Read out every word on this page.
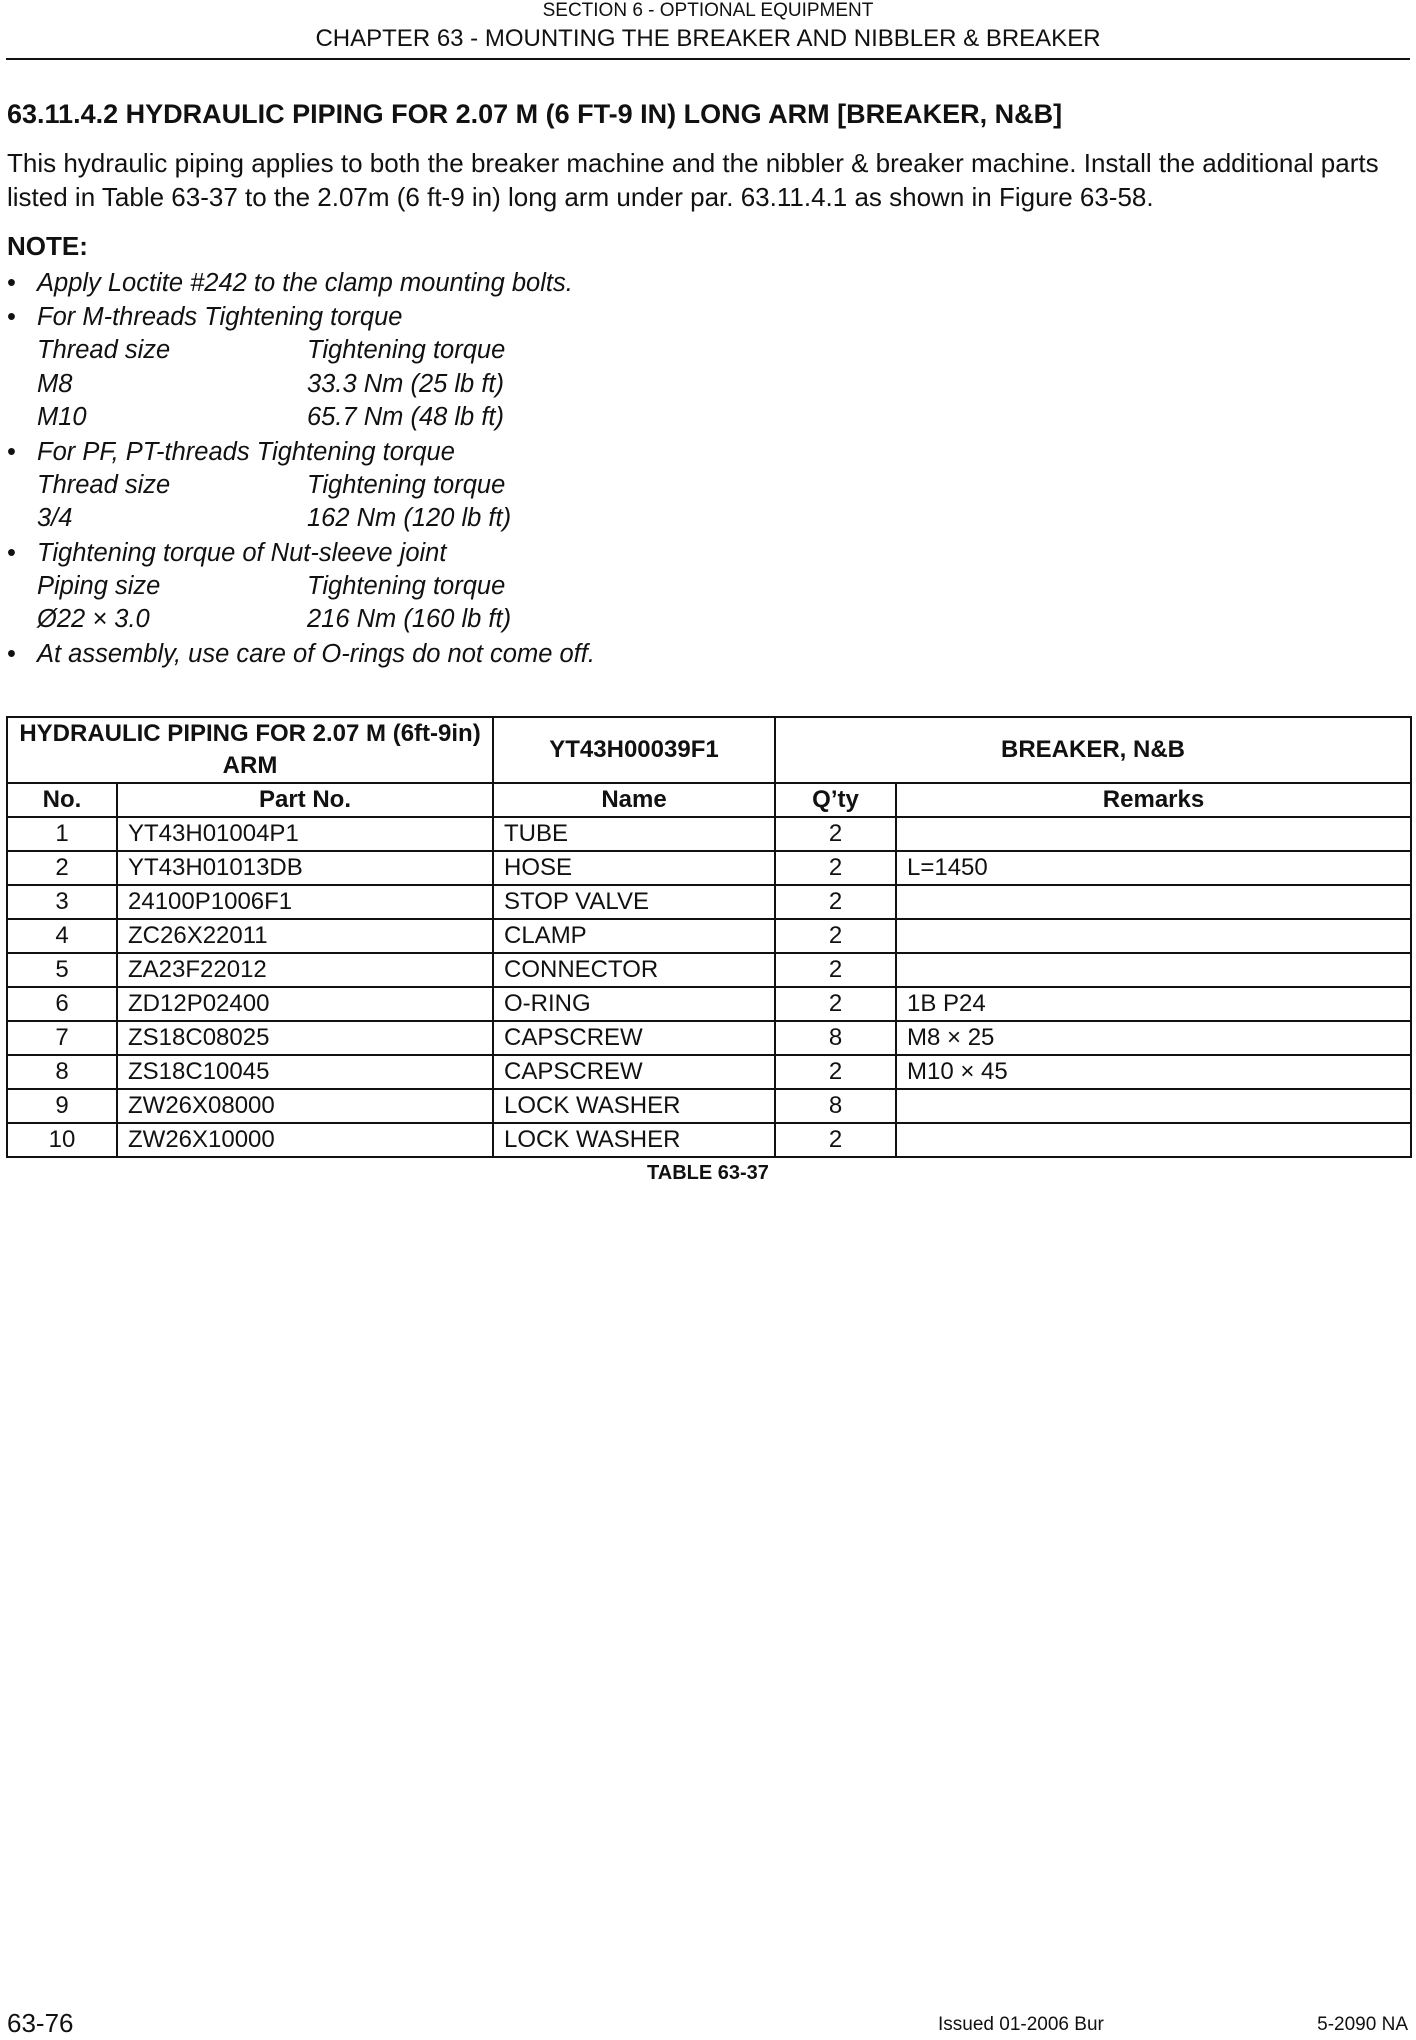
SECTION 6 - OPTIONAL EQUIPMENT
CHAPTER 63 - MOUNTING THE BREAKER AND NIBBLER & BREAKER
63.11.4.2 HYDRAULIC PIPING FOR 2.07 M (6 FT-9 IN) LONG ARM [BREAKER, N&B]
This hydraulic piping applies to both the breaker machine and the nibbler & breaker machine. Install the additional parts listed in Table 63-37 to the 2.07m (6 ft-9 in) long arm under par. 63.11.4.1 as shown in Figure 63-58.
NOTE:
• Apply Loctite #242 to the clamp mounting bolts.
• For M-threads Tightening torque
Thread size	Tightening torque
M8	33.3 Nm (25 lb ft)
M10	65.7 Nm (48 lb ft)
• For PF, PT-threads Tightening torque
Thread size	Tightening torque
3/4	162 Nm (120 lb ft)
• Tightening torque of Nut-sleeve joint
Piping size	Tightening torque
Ø22 × 3.0	216 Nm (160 lb ft)
• At assembly, use care of O-rings do not come off.
HYDRAULIC PIPING FOR 2.07 M (6ft-9in) ARM		YT43H00039F1	BREAKER, N&B	
No.	Part No.	Name	Q’ty	Remarks
1	YT43H01004P1	TUBE	2	
2	YT43H01013DB	HOSE	2	L=1450
3	24100P1006F1	STOP VALVE	2	
4	ZC26X22011	CLAMP	2	
5	ZA23F22012	CONNECTOR	2	
6	ZD12P02400	O-RING	2	1B P24
7	ZS18C08025	CAPSCREW	8	M8 × 25
8	ZS18C10045	CAPSCREW	2	M10 × 45
9	ZW26X08000	LOCK WASHER	8	
10	ZW26X10000	LOCK WASHER	2	
TABLE 63-37
63-76	Issued 01-2006 Bur	5-2090 NA
